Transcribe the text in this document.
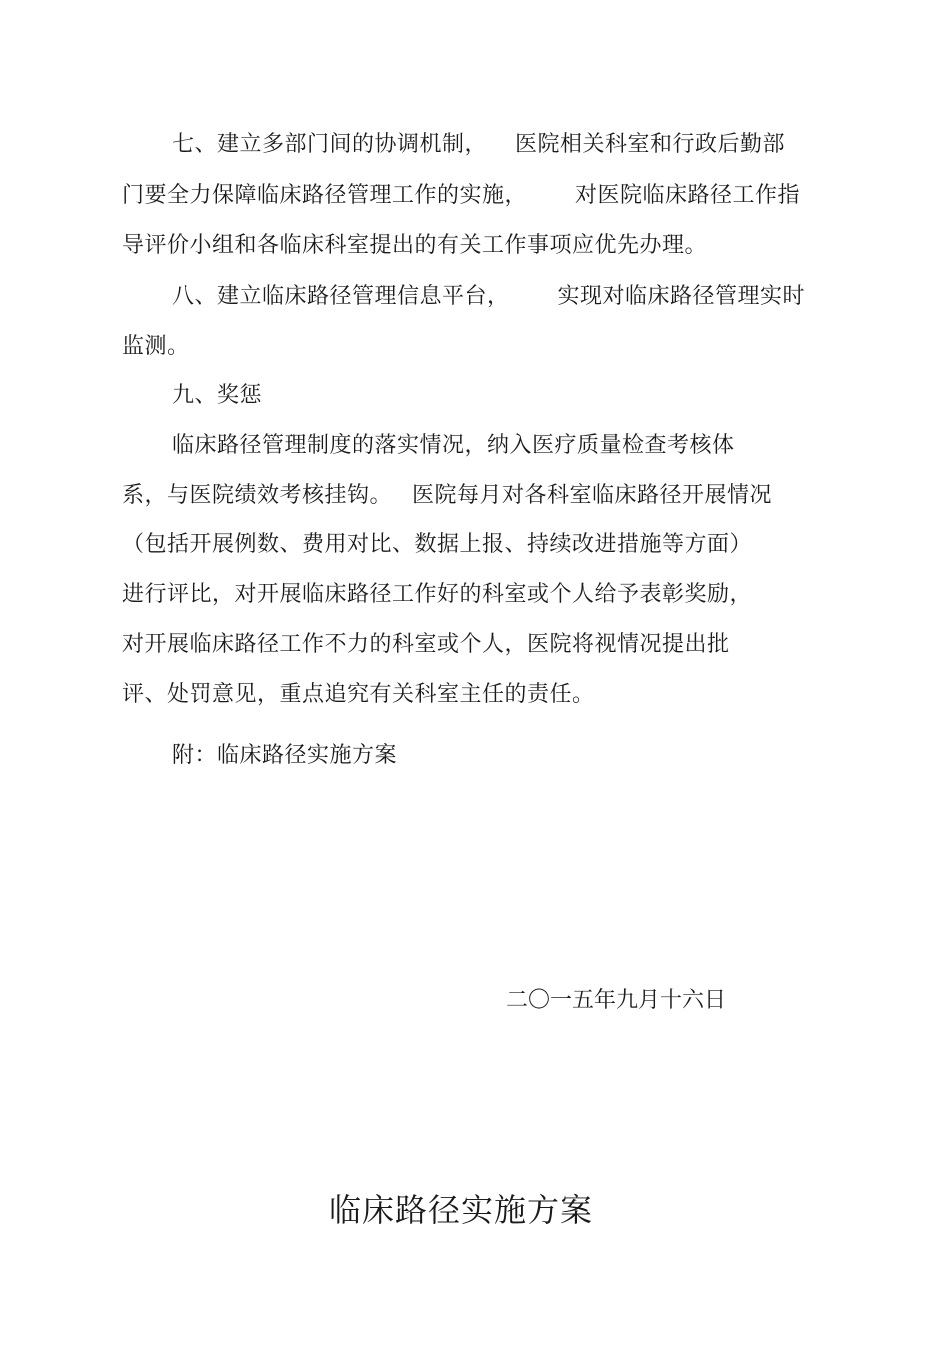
七、建立多部门间的协调机制， 医院相关科室和行政后勤部
门要全力保障临床路径管理工作的实施， 对医院临床路径工作指
导评价小组和各临床科室提出的有关工作事项应优先办理。
八、建立临床路径管理信息平台， 实现对临床路径管理实时
监测。
九、奖惩
临床路径管理制度的落实情况，纳入医疗质量检查考核体
系，与医院绩效考核挂钩。 医院每月对各科室临床路径开展情况
（包括开展例数、费用对比、数据上报、持续改进措施等方面）
进行评比，对开展临床路径工作好的科室或个人给予表彰奖励，
对开展临床路径工作不力的科室或个人，医院将视情况提出批
评、处罚意见，重点追究有关科室主任的责任。
附：临床路径实施方案
二〇一五年九月十六日
临床路径实施方案
